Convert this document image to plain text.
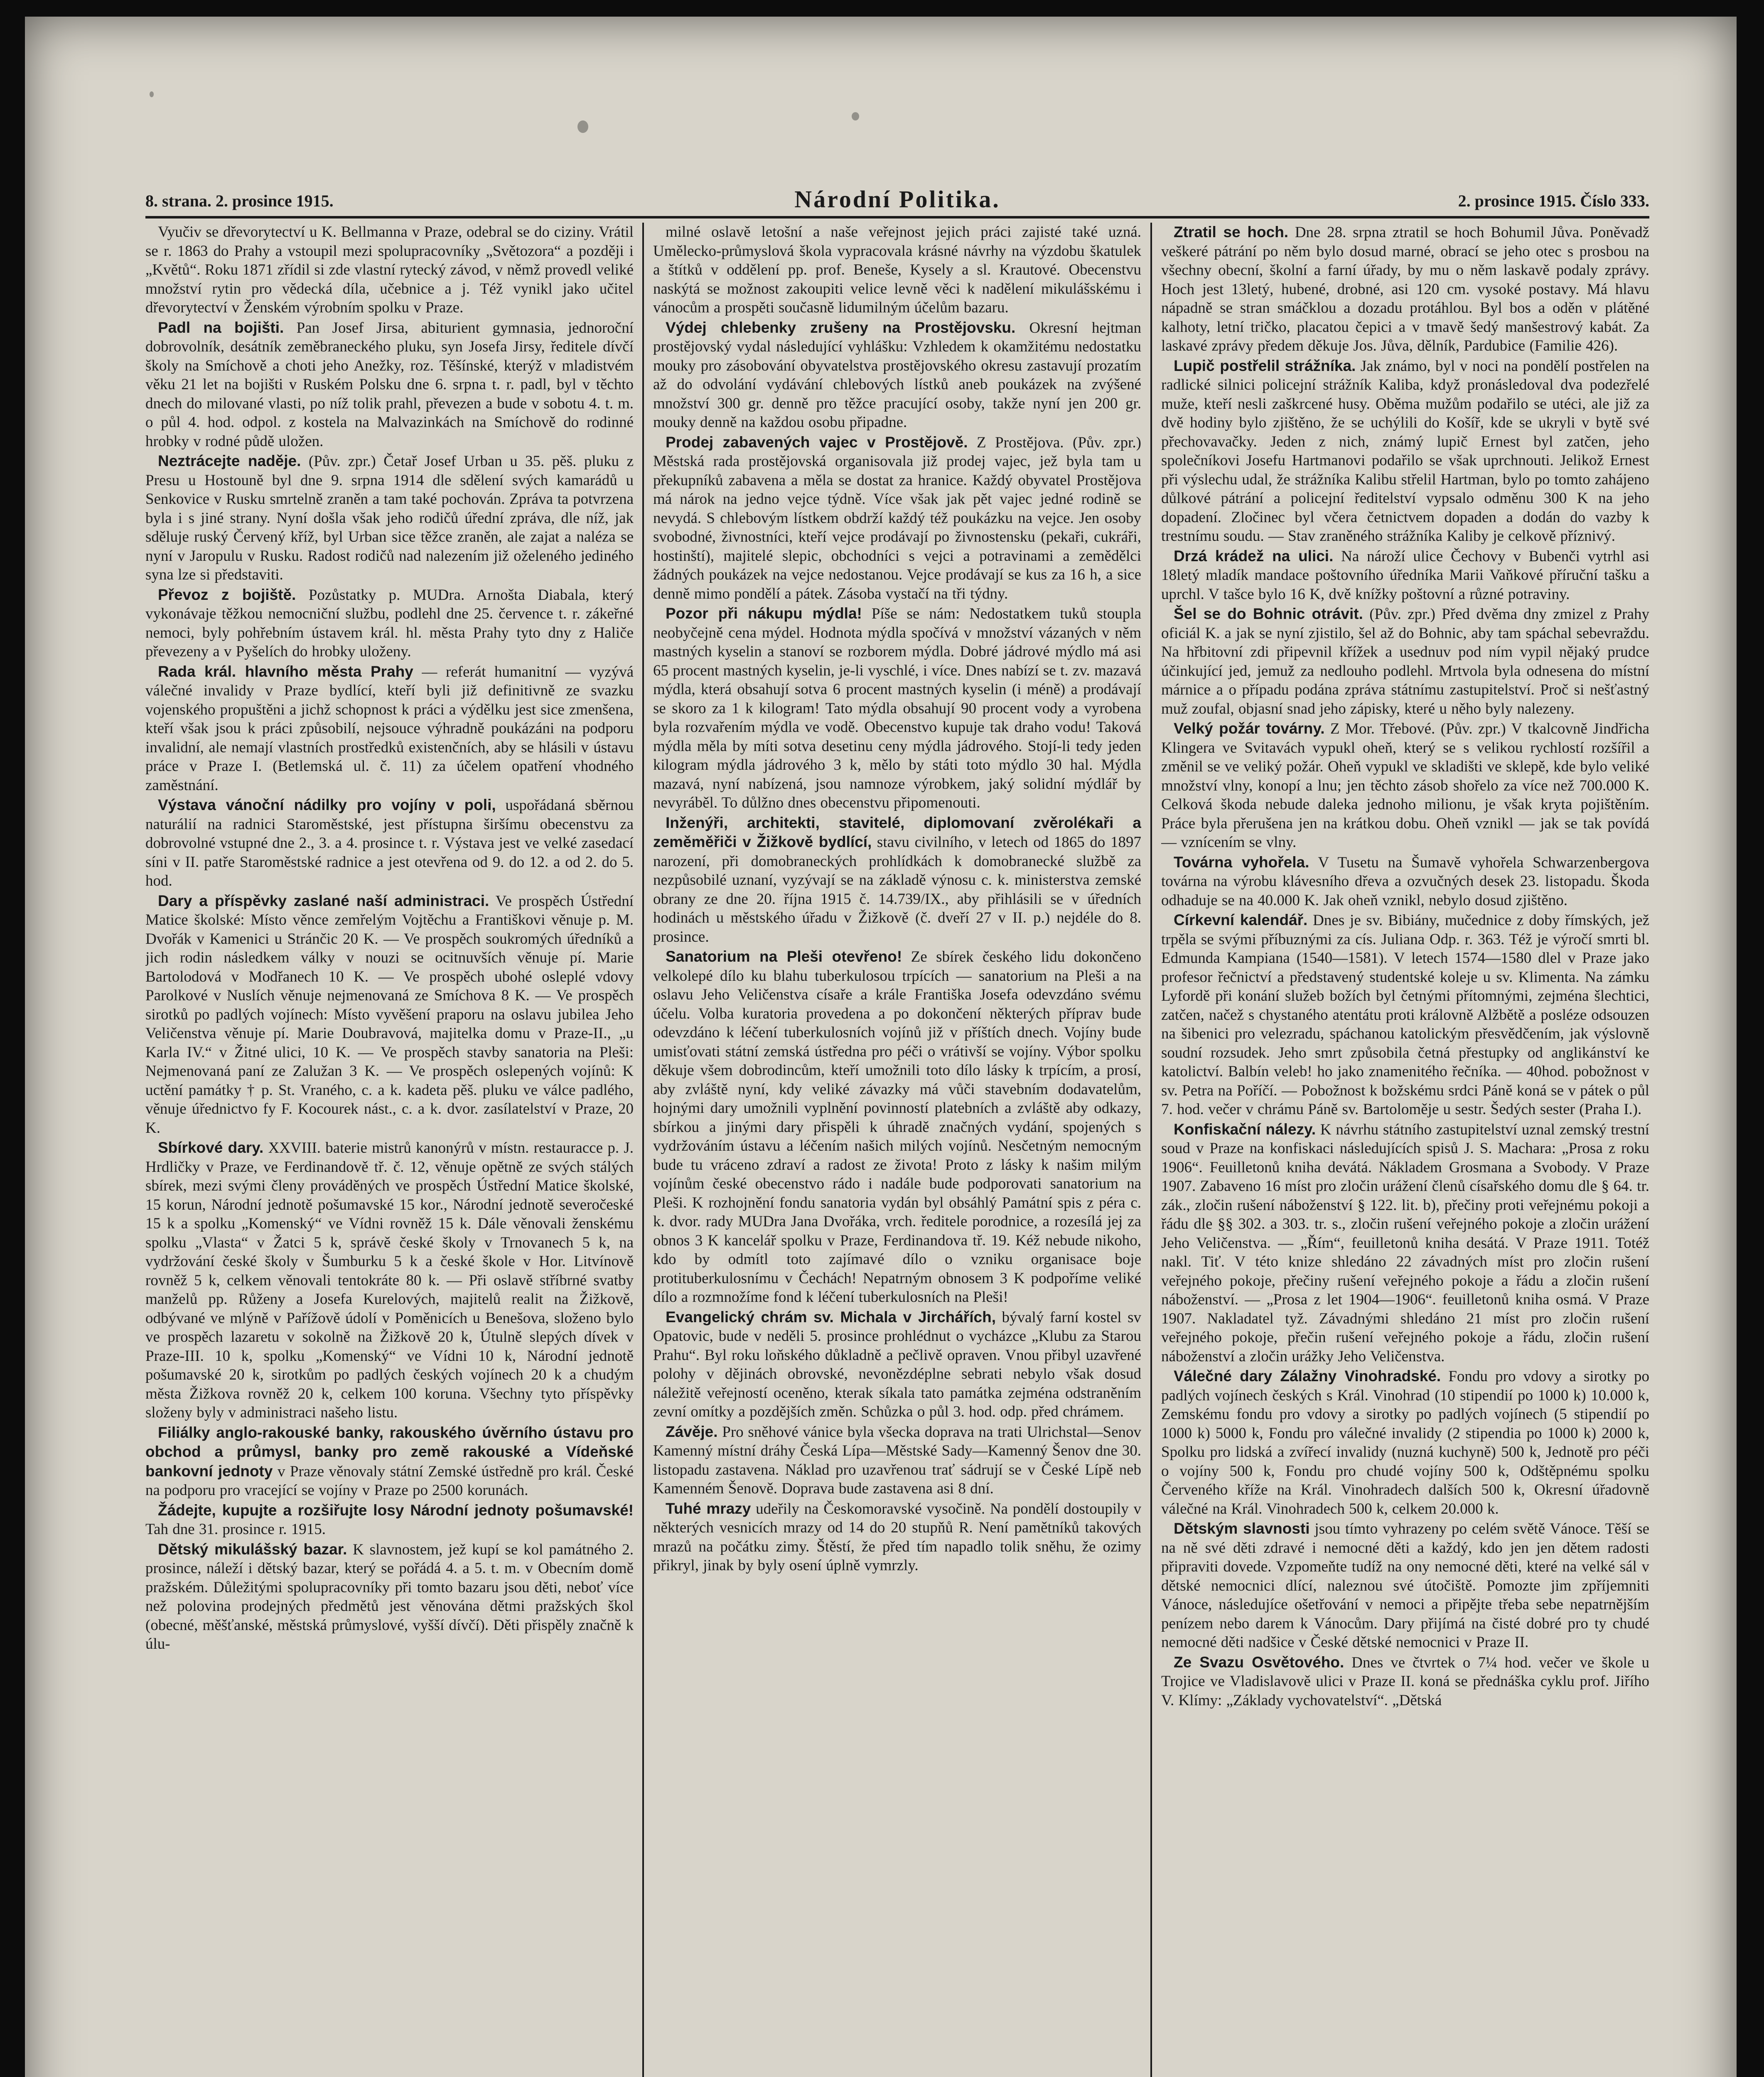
8. strana. 2. prosince 1915.	Národní Politika.	2. prosince 1915. Číslo 333.

Vyučiv se dřevorytectví u K. Bellmanna v Praze, odebral se do ciziny. Vrátil se r. 1863 do Prahy a vstoupil mezi spolupracovníky „Světozora“ a později i „Květů“. Roku 1871 zřídil si zde vlastní rytecký závod, v němž provedl veliké množství rytin pro vědecká díla, učebnice a j. Též vynikl jako učitel dřevorytectví v Ženském výrobním spolku v Praze.

Padl na bojišti. Pan Josef Jirsa, abiturient gymnasia, jednoroční dobrovolník, desátník zeměbraneckého pluku, syn Josefa Jirsy, ředitele dívčí školy na Smíchově a choti jeho Anežky, roz. Těšínské, kterýž v mladistvém věku 21 let na bojišti v Ruském Polsku dne 6. srpna t. r. padl, byl v těchto dnech do milované vlasti, po níž tolik prahl, převezen a bude v sobotu 4. t. m. o půl 4. hod. odpol. z kostela na Malvazinkách na Smíchově do rodinné hrobky v rodné půdě uložen.

Neztrácejte naděje. (Pův. zpr.) Četař Josef Urban u 35. pěš. pluku z Presu u Hostouně byl dne 9. srpna 1914 dle sdělení svých kamarádů u Senkovice v Rusku smrtelně zraněn a tam také pochován. Zpráva ta potvrzena byla i s jiné strany. Nyní došla však jeho rodičů úřední zpráva, dle níž, jak sděluje ruský Červený kříž, byl Urban sice těžce zraněn, ale zajat a naléza se nyní v Jaropulu v Rusku. Radost rodičů nad nalezením již oželeného jediného syna lze si představiti.

Převoz z bojiště. Pozůstatky p. MUDra. Arnošta Diabala, který vykonávaje těžkou nemocniční službu, podlehl dne 25. července t. r. zákeřné nemoci, byly pohřebním ústavem král. hl. města Prahy tyto dny z Haliče převezeny a v Pyšelích do hrobky uloženy.

Rada král. hlavního města Prahy — referát humanitní — vyzývá válečné invalidy v Praze bydlící, kteří byli již definitivně ze svazku vojenského propuštěni a jichž schopnost k práci a výdělku jest sice zmenšena, kteří však jsou k práci způsobilí, nejsouce výhradně poukázáni na podporu invalidní, ale nemají vlastních prostředků existenčních, aby se hlásili v ústavu práce v Praze I. (Betlemská ul. č. 11) za účelem opatření vhodného zaměstnání.

Výstava vánoční nádilky pro vojíny v poli, uspořádaná sběrnou naturálií na radnici Staroměstské, jest přístupna širšímu obecenstvu za dobrovolné vstupné dne 2., 3. a 4. prosince t. r. Výstava jest ve velké zasedací síni v II. patře Staroměstské radnice a jest otevřena od 9. do 12. a od 2. do 5. hod.

Dary a příspěvky zaslané naší administraci. Ve prospěch Ústřední Matice školské: Místo věnce zemřelým Vojtěchu a Františkovi věnuje p. M. Dvořák v Kamenici u Stránčic 20 K. — Ve prospěch soukromých úředníků a jich rodin následkem války v nouzi se ocitnuvších věnuje pí. Marie Bartolodová v Modřanech 10 K. — Ve prospěch ubohé osleplé vdovy Parolkové v Nuslích věnuje nejmenovaná ze Smíchova 8 K. — Ve prospěch sirotků po padlých vojínech: Místo vyvěšení praporu na oslavu jubilea Jeho Veličenstva věnuje pí. Marie Doubravová, majitelka domu v Praze-II., „u Karla IV.“ v Žitné ulici, 10 K. — Ve prospěch stavby sanatoria na Pleši: Nejmenovaná paní ze Zalužan 3 K. — Ve prospěch oslepených vojínů: K uctění památky † p. St. Vraného, c. a k. kadeta pěš. pluku ve válce padlého, věnuje úřednictvo fy F. Kocourek nást., c. a k. dvor. zasílatelství v Praze, 20 K.

Sbírkové dary. XXVIII. baterie mistrů kanonýrů v místn. restauracce p. J. Hrdličky v Praze, ve Ferdinandově tř. č. 12, věnuje opětně ze svých stálých sbírek, mezi svými členy prováděných ve prospěch Ústřední Matice školské, 15 korun, Národní jednotě pošumavské 15 kor., Národní jednotě severočeské 15 k a spolku „Komenský“ ve Vídni rovněž 15 k. Dále věnovali ženskému spolku „Vlasta“ v Žatci 5 k, správě české školy v Trnovanech 5 k, na vydržování české školy v Šumburku 5 k a české škole v Hor. Litvínově rovněž 5 k, celkem věnovali tentokráte 80 k. — Při oslavě stříbrné svatby manželů pp. Růženy a Josefa Kurelových, majitelů realit na Žižkově, odbývané ve mlýně v Pařížově údolí v Poměnicích u Benešova, složeno bylo ve prospěch lazaretu v sokolně na Žižkově 20 k, Útulně slepých dívek v Praze-III. 10 k, spolku „Komenský“ ve Vídni 10 k, Národní jednotě pošumavské 20 k, sirotkům po padlých českých vojínech 20 k a chudým města Žižkova rovněž 20 k, celkem 100 koruna. Všechny tyto příspěvky složeny byly v administraci našeho listu.

Filiálky anglo-rakouské banky, rakouského úvěrního ústavu pro obchod a průmysl, banky pro země rakouské a Vídeňské bankovní jednoty v Praze věnovaly státní Zemské ústředně pro král. České na podporu pro vracející se vojíny v Praze po 2500 korunách.

Žádejte, kupujte a rozšiřujte losy Národní jednoty pošumavské! Tah dne 31. prosince r. 1915.

Dětský mikulášský bazar. K slavnostem, jež kupí se kol památného 2. prosince, náleží i dětský bazar, který se pořádá 4. a 5. t. m. v Obecním domě pražském. Důležitými spolupracovníky při tomto bazaru jsou děti, neboť více než polovina prodejných předmětů jest věnována dětmi pražských škol (obecné, měšťanské, městská průmyslové, vyšší dívčí). Děti přispěly značně k úlu-

milné oslavě letošní a naše veřejnost jejich práci zajisté také uzná. Umělecko-průmyslová škola vypracovala krásné návrhy na výzdobu škatulek a štítků v oddělení pp. prof. Beneše, Kysely a sl. Krautové. Obecenstvu naskýtá se možnost zakoupiti velice levně věci k nadělení mikulášskému i vánocům a prospěti současně lidumilným účelům bazaru.

Výdej chlebenky zrušeny na Prostějovsku. Okresní hejtman prostějovský vydal následující vyhlášku: Vzhledem k okamžitému nedostatku mouky pro zásobování obyvatelstva prostějovského okresu zastavují prozatím až do odvolání vydávání chlebových lístků aneb poukázek na zvýšené množství 300 gr. denně pro těžce pracující osoby, takže nyní jen 200 gr. mouky denně na každou osobu připadne.

Prodej zabavených vajec v Prostějově. Z Prostějova. (Pův. zpr.) Městská rada prostějovská organisovala již prodej vajec, jež byla tam u překupníků zabavena a měla se dostat za hranice. Každý obyvatel Prostějova má nárok na jedno vejce týdně. Více však jak pět vajec jedné rodině se nevydá. S chlebovým lístkem obdrží každý též poukázku na vejce. Jen osoby svobodné, živnostníci, kteří vejce prodávají po živnostensku (pekaři, cukráři, hostinští), majitelé slepic, obchodníci s vejci a potravinami a zemědělci žádných poukázek na vejce nedostanou. Vejce prodávají se kus za 16 h, a sice denně mimo pondělí a pátek. Zásoba vystačí na tři týdny.

Pozor při nákupu mýdla! Píše se nám: Nedostatkem tuků stoupla neobyčejně cena mýdel. Hodnota mýdla spočívá v množství vázaných v něm mastných kyselin a stanoví se rozborem mýdla. Dobré jádrové mýdlo má asi 65 procent mastných kyselin, je-li vyschlé, i více. Dnes nabízí se t. zv. mazavá mýdla, která obsahují sotva 6 procent mastných kyselin (i méně) a prodávají se skoro za 1 k kilogram! Tato mýdla obsahují 90 procent vody a vyrobena byla rozvařením mýdla ve vodě. Obecenstvo kupuje tak draho vodu! Taková mýdla měla by míti sotva desetinu ceny mýdla jádrového. Stojí-li tedy jeden kilogram mýdla jádrového 3 k, mělo by státi toto mýdlo 30 hal. Mýdla mazavá, nyní nabízená, jsou namnoze výrobkem, jaký solidní mýdlář by nevyráběl. To důlžno dnes obecenstvu připomenouti.

Inženýři, architekti, stavitelé, diplomovaní zvěrolékaři a zeměměřiči v Žižkově bydlící, stavu civilního, v letech od 1865 do 1897 narození, při domobraneckých prohlídkách k domobranecké službě za nezpůsobilé uznaní, vyzývají se na základě výnosu c. k. ministerstva zemské obrany ze dne 20. října 1915 č. 14.739/IX., aby přihlásili se v úředních hodinách u městského úřadu v Žižkově (č. dveří 27 v II. p.) nejdéle do 8. prosince.

Sanatorium na Pleši otevřeno! Ze sbírek českého lidu dokončeno velkolepé dílo ku blahu tuberkulosou trpících — sanatorium na Pleši a na oslavu Jeho Veličenstva císaře a krále Františka Josefa odevzdáno svému účelu. Volba kuratoria provedena a po dokončení některých příprav bude odevzdáno k léčení tuberkulosních vojínů již v příštích dnech. Vojíny bude umisťovati státní zemská ústředna pro péči o vrátivší se vojíny. Výbor spolku děkuje všem dobrodincům, kteří umožnili toto dílo lásky k trpícím, a prosí, aby zvláště nyní, kdy veliké závazky má vůči stavebním dodavatelům, hojnými dary umožnili vyplnění povinností platebních a zvláště aby odkazy, sbírkou a jinými dary přispěli k úhradě značných vydání, spojených s vydržováním ústavu a léčením našich milých vojínů. Nesčetným nemocným bude tu vráceno zdraví a radost ze života! Proto z lásky k našim milým vojínům české obecenstvo rádo i nadále bude podporovati sanatorium na Pleši. K rozhojnění fondu sanatoria vydán byl obsáhlý Památní spis z péra c. k. dvor. rady MUDra Jana Dvořáka, vrch. ředitele porodnice, a rozesílá jej za obnos 3 K kancelář spolku v Praze, Ferdinandova tř. 19. Kéž nebude nikoho, kdo by odmítl toto zajímavé dílo o vzniku organisace boje protituberkulosnímu v Čechách! Nepatrným obnosem 3 K podpoříme veliké dílo a rozmnožíme fond k léčení tuberkulosních na Pleši!

Evangelický chrám sv. Michala v Jirchářích, bývalý farní kostel sv Opatovic, bude v neděli 5. prosince prohlédnut o vycházce „Klubu za Starou Prahu“. Byl roku loňského důkladně a pečlivě opraven. Vnou přibyl uzavřené polohy v dějinách obrovské, nevonězdéplne sebrati nebylo však dosud náležitě veřejností oceněno, kterak síkala tato památka zejména odstraněním zevní omítky a pozdějších změn. Schůzka o půl 3. hod. odp. před chrámem.

Závěje. Pro sněhové vánice byla všecka doprava na trati Ulrichstal—Senov Kamenný místní dráhy Česká Lípa—Městské Sady—Kamenný Šenov dne 30. listopadu zastavena. Náklad pro uzavřenou trať sádrují se v České Lípě neb Kamenném Šenově. Doprava bude zastavena asi 8 dní.

Tuhé mrazy udeřily na Českomoravské vysočině. Na pondělí dostoupily v některých vesnicích mrazy od 14 do 20 stupňů R. Není pamětníků takových mrazů na počátku zimy. Štěstí, že před tím napadlo tolik sněhu, že ozimy přikryl, jinak by byly osení úplně vymrzly.

Ztratil se hoch. Dne 28. srpna ztratil se hoch Bohumil Jůva. Poněvadž veškeré pátrání po něm bylo dosud marné, obrací se jeho otec s prosbou na všechny obecní, školní a farní úřady, by mu o něm laskavě podaly zprávy. Hoch jest 13letý, hubené, drobné, asi 120 cm. vysoké postavy. Má hlavu nápadně se stran smáčklou a dozadu protáhlou. Byl bos a oděn v plátěné kalhoty, letní tričko, placatou čepici a v tmavě šedý manšestrový kabát. Za laskavé zprávy předem děkuje Jos. Jůva, dělník, Pardubice (Familie 426).

Lupič postřelil strážníka. Jak známo, byl v noci na pondělí postřelen na radlické silnici policejní strážník Kaliba, když pronásledoval dva podezřelé muže, kteří nesli zaškrcené husy. Oběma mužům podařilo se utéci, ale již za dvě hodiny bylo zjištěno, že se uchýlili do Košíř, kde se ukryli v bytě své přechovavačky. Jeden z nich, známý lupič Ernest byl zatčen, jeho společníkovi Josefu Hartmanovi podařilo se však uprchnouti. Jelikož Ernest při výslechu udal, že strážníka Kalibu střelil Hartman, bylo po tomto zahájeno důlkové pátrání a policejní ředitelství vypsalo odměnu 300 K na jeho dopadení. Zločinec byl včera četnictvem dopaden a dodán do vazby k trestnímu soudu. — Stav zraněného strážníka Kaliby je celkově příznivý.

Drzá krádež na ulici. Na nároží ulice Čechovy v Bubenči vytrhl asi 18letý mladík mandace poštovního úředníka Marii Vaňkové příruční tašku a uprchl. V tašce bylo 16 K, dvě knížky poštovní a různé potraviny.

Šel se do Bohnic otrávit. (Pův. zpr.) Před dvěma dny zmizel z Prahy oficiál K. a jak se nyní zjistilo, šel až do Bohnic, aby tam spáchal sebevraždu. Na hřbitovní zdi připevnil křížek a usednuv pod ním vypil nějaký prudce účinkující jed, jemuž za nedlouho podlehl. Mrtvola byla odnesena do místní márnice a o případu podána zpráva státnímu zastupitelství. Proč si nešťastný muž zoufal, objasní snad jeho zápisky, které u něho byly nalezeny.

Velký požár továrny. Z Mor. Třebové. (Pův. zpr.) V tkalcovně Jindřicha Klingera ve Svitavách vypukl oheň, který se s velikou rychlostí rozšířil a změnil se ve veliký požár. Oheň vypukl ve skladišti ve sklepě, kde bylo veliké množství vlny, konopí a lnu; jen těchto zásob shořelo za více než 700.000 K. Celková škoda nebude daleka jednoho milionu, je však kryta pojištěním. Práce byla přerušena jen na krátkou dobu. Oheň vznikl — jak se tak povídá — vznícením se vlny.

Továrna vyhořela. V Tusetu na Šumavě vyhořela Schwarzenbergova továrna na výrobu klávesního dřeva a ozvučných desek 23. listopadu. Škoda odhaduje se na 40.000 K. Jak oheň vznikl, nebylo dosud zjištěno.

Církevní kalendář. Dnes je sv. Bibiány, mučednice z doby římských, jež trpěla se svými příbuznými za cís. Juliana Odp. r. 363. Též je výročí smrti bl. Edmunda Kampiana (1540—1581). V letech 1574—1580 dlel v Praze jako profesor řečnictví a představený studentské koleje u sv. Klimenta. Na zámku Lyfordě při konání služeb božích byl četnými přítomnými, zejména šlechtici, zatčen, načež s chystaného atentátu proti královně Alžbětě a posléze odsouzen na šibenici pro velezradu, spáchanou katolickým přesvědčením, jak výslovně soudní rozsudek. Jeho smrt způsobila četná přestupky od anglikánství ke katolictví. Balbín veleb! ho jako znamenitého řečníka. — 40hod. pobožnost v sv. Petra na Poříčí. — Pobožnost k božskému srdci Páně koná se v pátek o půl 7. hod. večer v chrámu Páně sv. Bartoloměje u sestr. Šedých sester (Praha I.).

Konfiskační nálezy. K návrhu státního zastupitelství uznal zemský trestní soud v Praze na konfiskaci následujících spisů J. S. Machara: „Prosa z roku 1906“. Feuilletonů kniha devátá. Nákladem Grosmana a Svobody. V Praze 1907. Zabaveno 16 míst pro zločin urážení členů císařského domu dle § 64. tr. zák., zločin rušení náboženství § 122. lit. b), přečiny proti veřejnému pokoji a řádu dle §§ 302. a 303. tr. s., zločin rušení veřejného pokoje a zločin urážení Jeho Veličenstva. — „Řím“, feuilletonů kniha desátá. V Praze 1911. Totéž nakl. Tiť. V této knize shledáno 22 závadných míst pro zločin rušení veřejného pokoje, přečiny rušení veřejného pokoje a řádu a zločin rušení náboženství. — „Prosa z let 1904—1906“. feuilletonů kniha osmá. V Praze 1907. Nakladatel tyž. Závadnými shledáno 21 míst pro zločin rušení veřejného pokoje, přečin rušení veřejného pokoje a řádu, zločin rušení náboženství a zločin urážky Jeho Veličenstva.

Válečné dary Zálažny Vinohradské. Fondu pro vdovy a sirotky po padlých vojínech českých s Král. Vinohrad (10 stipendií po 1000 k) 10.000 k, Zemskému fondu pro vdovy a sirotky po padlých vojínech (5 stipendií po 1000 k) 5000 k, Fondu pro válečné invalidy (2 stipendia po 1000 k) 2000 k, Spolku pro lidská a zvířecí invalidy (nuzná kuchyně) 500 k, Jednotě pro péči o vojíny 500 k, Fondu pro chudé vojíny 500 k, Odštěpnému spolku Červeného kříže na Král. Vinohradech dalších 500 k, Okresní úřadovně válečné na Král. Vinohradech 500 k, celkem 20.000 k.

Dětským slavnosti jsou tímto vyhrazeny po celém světě Vánoce. Těší se na ně své děti zdravé i nemocné děti a každý, kdo jen jen dětem radosti připraviti dovede. Vzpomeňte tudíž na ony nemocné děti, které na velké sál v dětské nemocnici dlící, naleznou své útočiště. Pomozte jim zpříjemniti Vánoce, následujíce ošetřování v nemoci a připějte třeba sebe nepatrnějším penízem nebo darem k Vánocům. Dary přijímá na čisté dobré pro ty chudé nemocné děti nadšice v České dětské nemocnici v Praze II.

Ze Svazu Osvětového. Dnes ve čtvrtek o 7¼ hod. večer ve škole u Trojice ve Vladislavově ulici v Praze II. koná se přednáška cyklu prof. Jiřího V. Klímy: „Základy vychovatelství“. „Dětská
